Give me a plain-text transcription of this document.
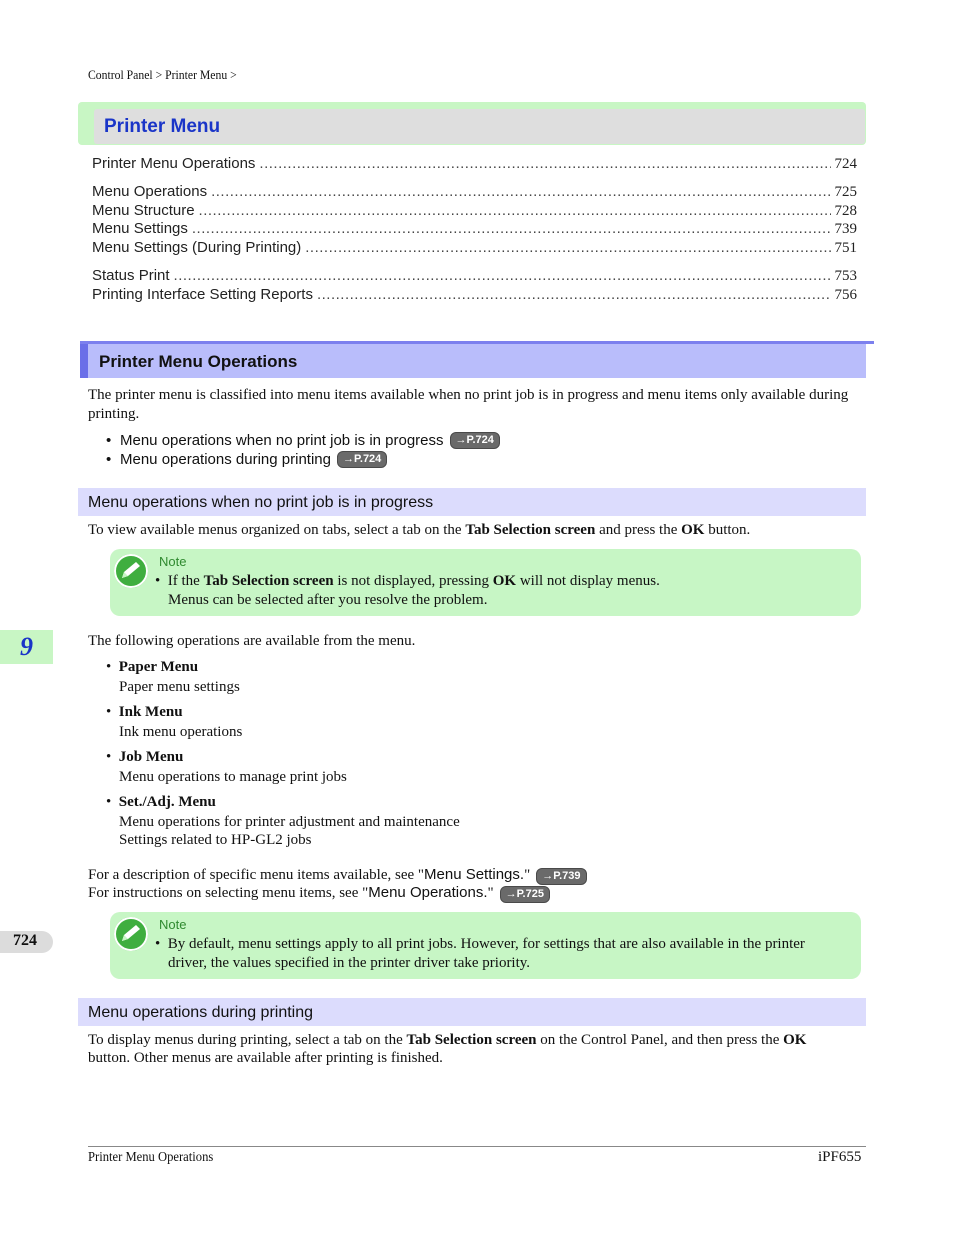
Control Panel > Printer Menu >
Printer Menu
Printer Menu Operations .....	724
Menu Operations .....	725
Menu Structure .....	728
Menu Settings .....	739
Menu Settings (During Printing) .....	751
Status Print .....	753
Printing Interface Setting Reports .....	756
Printer Menu Operations
The printer menu is classified into menu items available when no print job is in progress and menu items only available during printing.
• Menu operations when no print job is in progress	→P.724
• Menu operations during printing	→P.724
Menu operations when no print job is in progress
To view available menus organized on tabs, select a tab on the Tab Selection screen and press the OK button.
Note
•  If the Tab Selection screen is not displayed, pressing OK will not display menus.
Menus can be selected after you resolve the problem.
9	The following operations are available from the menu.
•  Paper Menu
Paper menu settings
•  Ink Menu
Ink menu operations
•  Job Menu
Menu operations to manage print jobs
•  Set./Adj. Menu
Menu operations for printer adjustment and maintenance
Settings related to HP-GL2 jobs
For a description of specific menu items available, see "Menu Settings." →P.739
For instructions on selecting menu items, see "Menu Operations." →P.725
724
Note
•  By default, menu settings apply to all print jobs. However, for settings that are also available in the printer
driver, the values specified in the printer driver take priority.
Menu operations during printing
To display menus during printing, select a tab on the Tab Selection screen on the Control Panel, and then press the OK
button. Other menus are available after printing is finished.
Printer Menu Operations	iPF655
